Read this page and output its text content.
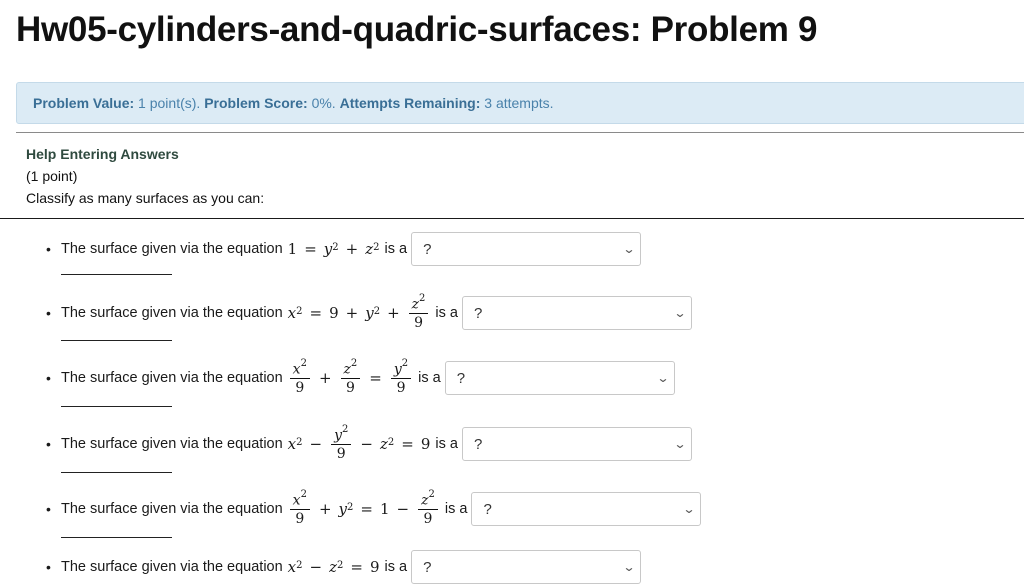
Hw05-cylinders-and-quadric-surfaces: Problem 9
Problem Value: 1 point(s). Problem Score: 0%. Attempts Remaining: 3 attempts.
Help Entering Answers
(1 point)
Classify as many surfaces as you can:
• The surface given via the equation $1 = y^2 + z^2$ is a ?	⌄
• The surface given via the equation $x^2 = 9 + y^2 + \frac{z^2}{9}$ is a ?	⌄
• The surface given via the equation $\frac{x^2}{9} + \frac{z^2}{9} = \frac{y^2}{9}$ is a ?	⌄
• The surface given via the equation $x^2 - \frac{y^2}{9} - z^2 = 9$ is a ?	⌄
• The surface given via the equation $\frac{x^2}{9} + y^2 = 1 - \frac{z^2}{9}$ is a ?	⌄
• The surface given via the equation $x^2 - z^2 = 9$ is a ?	⌄
